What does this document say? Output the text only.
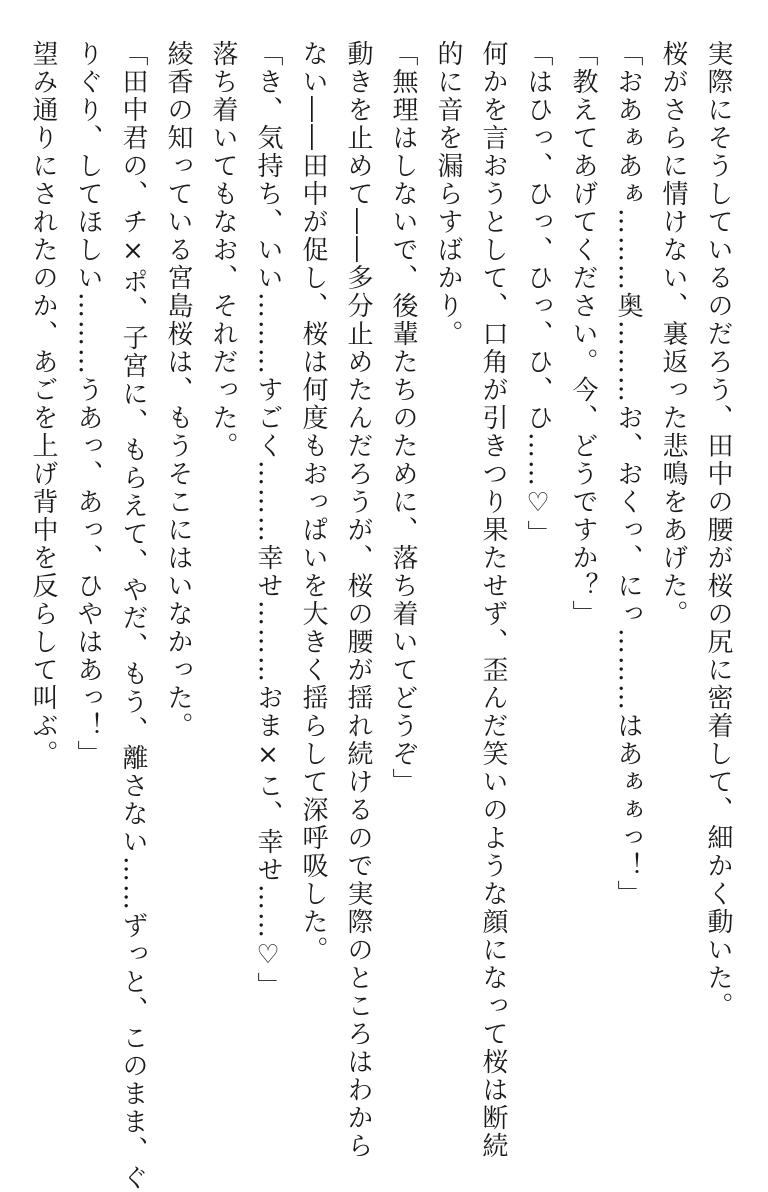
実際にそうしているのだろう、田中の腰が桜の尻に密着して、細かく動いた。
桜がさらに情けない、裏返った悲鳴をあげた。
「おあぁあぁ………奥………お、おくっ、にっ………はあぁぁっ！」
「教えてあげてください。今、どうですか？」
「はひっ、ひっ、ひっ、ひ、ひ……♡」
何かを言おうとして、口角が引きつり果たせず、歪んだ笑いのような顔になって桜は断続
的に音を漏らすばかり。
「無理はしないで、後輩たちのために、落ち着いてどうぞ」
動きを止めて――多分止めたんだろうが、桜の腰が揺れ続けるので実際のところはわから
ない――田中が促し、桜は何度もおっぱいを大きく揺らして深呼吸した。
「き、気持ち、いい………すごく………幸せ………おま×こ、幸せ……♡」
落ち着いてもなお、それだった。
綾香の知っている宮島桜は、もうそこにはいなかった。
「田中君の、チ×ポ、子宮に、もらえて、やだ、もう、離さない……ずっと、このまま、ぐ
りぐり、してほしい………うあっ、あっ、ひやはあっ！」
望み通りにされたのか、あごを上げ背中を反らして叫ぶ。
